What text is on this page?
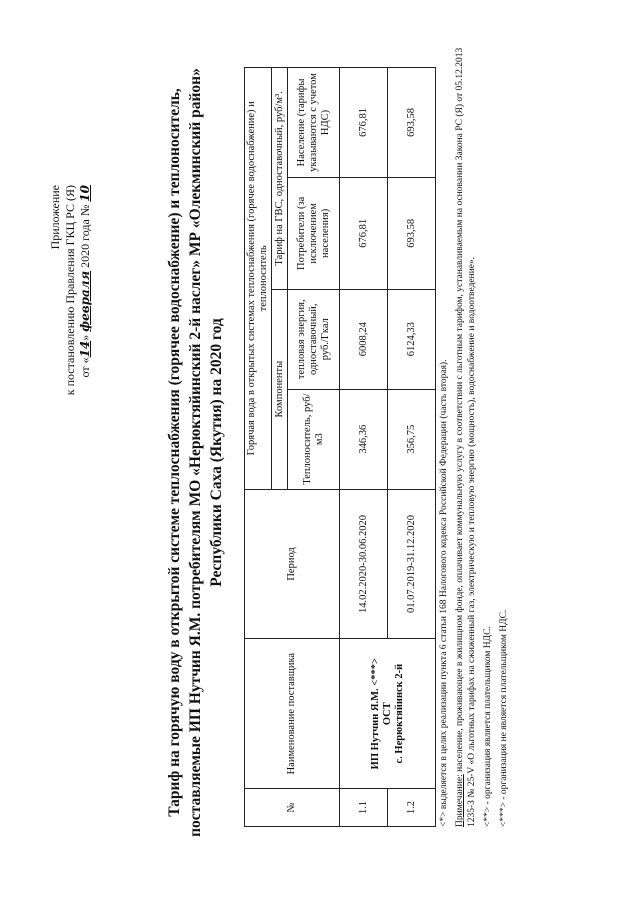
Приложение к постановлению Правления ГКЦ РС (Я) от «14» февраля 2020 года № 10	Тариф на горячую воду в открытой системе теплоснабжения (горячее водоснабжение) и теплоноситель, поставляемые ИП Нутчин Я.М. потребителям МО «Нерюктяйинский 2-й наслег» МР «Олекминский район» Республики Саха (Якутия) на 2020 год
№	Наименование поставщика	Период	Горячая вода в открытых системах теплоснабжения (горячее водоснабжение) и теплоноситель			
			Компоненты		Тариф на ГВС, одноставочный, руб/м³.	
			Теплоноситель, руб/м3	тепловая энергия, одноставочный, руб./Гкал	Потребители (за исключением населения)	Население (тарифы указываются с учетом НДС)
1.1	ИП Нутчин Я.М. <***> ОСТ с. Нерюктяйинск 2-й	14.02.2020-30.06.2020	346,36	6008,24	676,81	676,81
1.2		01.07.2019-31.12.2020	356,75	6124,33	693,58	693,58

<*> выделяется в целях реализации пункта 6 статьи 168 Налогового кодекса Российской Федерации (часть вторая). Примечание: население, проживающее в жилищном фонде, оплачивает коммунальную услугу в соответствии с льготным тарифом, устанавливаемым на основании Закона РС (Я) от 05.12.2013 1235-З № 25-V «О льготных тарифах на сжиженный газ, электрическую и тепловую энергию (мощность), водоснабжение и водоотведение». <**> - организация является плательщиком НДС. <***> - организация не является плательщиком НДС.
